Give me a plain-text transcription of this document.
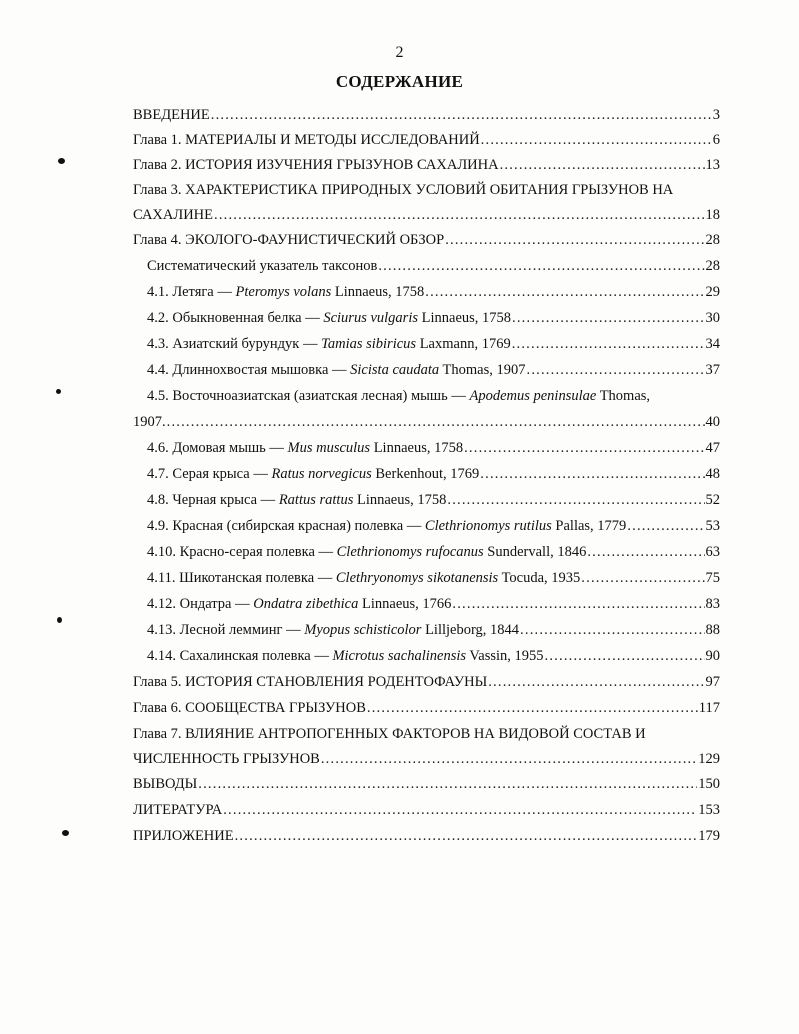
2
СОДЕРЖАНИЕ
ВВЕДЕНИЕ .....	3
Глава 1. МАТЕРИАЛЫ И МЕТОДЫ ИССЛЕДОВАНИЙ .....	6
Глава 2. ИСТОРИЯ ИЗУЧЕНИЯ ГРЫЗУНОВ САХАЛИНА .....	13
Глава 3. ХАРАКТЕРИСТИКА ПРИРОДНЫХ УСЛОВИЙ ОБИТАНИЯ ГРЫЗУНОВ НА
САХАЛИНЕ .....	18
Глава 4. ЭКОЛОГО-ФАУНИСТИЧЕСКИЙ ОБЗОР .....	28
Систематический указатель таксонов .....	28
4.1. Летяга — Pteromys volans Linnaeus, 1758 .....	29
4.2. Обыкновенная белка — Sciurus vulgaris Linnaeus, 1758 .....	30
4.3. Азиатский бурундук — Tamias sibiricus Laxmann, 1769 .....	34
4.4. Длиннохвостая мышовка — Sicista caudata Thomas, 1907 .....	37
4.5. Восточноазиатская (азиатская лесная) мышь — Apodemus peninsulae Thomas,
1907. .....	40
4.6. Домовая мышь — Mus musculus Linnaeus, 1758 .....	47
4.7. Серая крыса — Ratus norvegicus Berkenhout, 1769 .....	48
4.8. Черная крыса — Rattus rattus Linnaeus, 1758 .....	52
4.9. Красная (сибирская красная) полевка — Clethrionomys rutilus Pallas, 1779 .....	53
4.10. Красно-серая полевка — Clethrionomys rufocanus Sundervall, 1846 .....	63
4.11. Шикотанская полевка — Clethryonomys sikotanensis Tocuda, 1935 .....	75
4.12. Ондатра — Ondatra zibethica Linnaeus, 1766 .....	83
4.13. Лесной лемминг — Myopus schisticolor Lilljeborg, 1844 .....	88
4.14. Сахалинская полевка — Microtus sachalinensis Vassin, 1955 .....	90
Глава 5. ИСТОРИЯ СТАНОВЛЕНИЯ РОДЕНТОФАУНЫ .....	97
Глава 6. СООБЩЕСТВА ГРЫЗУНОВ .....	117
Глава 7. ВЛИЯНИЕ АНТРОПОГЕННЫХ ФАКТОРОВ НА ВИДОВОЙ СОСТАВ И
ЧИСЛЕННОСТЬ ГРЫЗУНОВ .....	129
ВЫВОДЫ .....	150
ЛИТЕРАТУРА .....	153
ПРИЛОЖЕНИЕ .....	179
